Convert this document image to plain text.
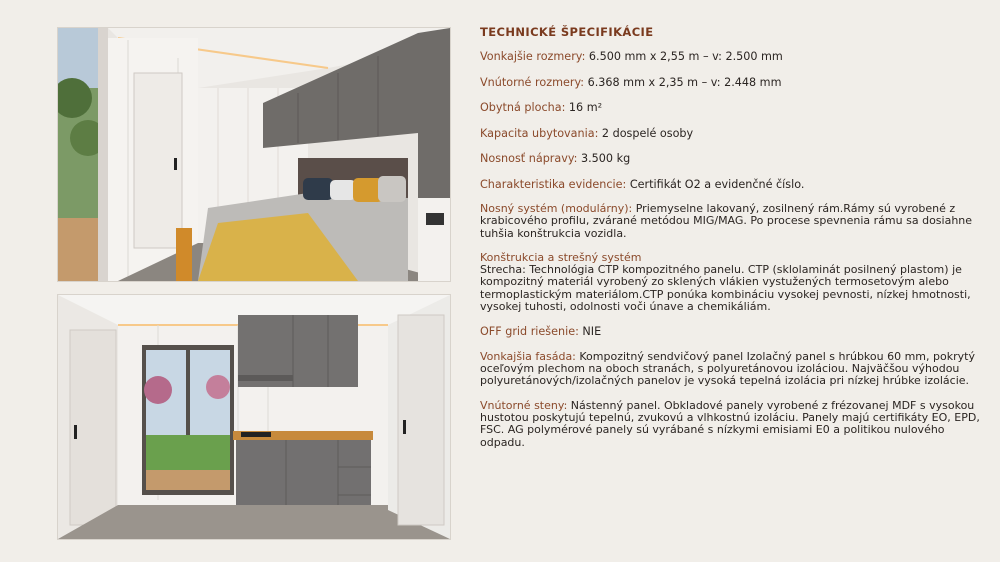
TECHNICKÉ ŠPECIFIKÁCIE

Vonkajšie rozmery: 6.500 mm x 2,55 m – v: 2.500 mm

Vnútorné rozmery: 6.368 mm x 2,35 m – v: 2.448 mm

Obytná plocha: 16 m²

Kapacita ubytovania: 2 dospelé osoby

Nosnosť nápravy: 3.500 kg

Charakteristika evidencie: Certifikát O2 a evidenčné číslo.

Nosný systém (modulárny): Priemyselne lakovaný, zosilnený rám.Rámy sú vyrobené z krabicového profilu, zvárané metódou MIG/MAG. Po procese spevnenia rámu sa dosiahne tuhšia konštrukcia vozidla.

Konštrukcia a strešný systém
Strecha: Technológia CTP kompozitného panelu. CTP (sklolaminát posilnený plastom) je kompozitný materiál vyrobený zo sklených vlákien vystužených termosetovým alebo termoplastickým materiálom.CTP ponúka kombináciu vysokej pevnosti, nízkej hmotnosti, vysokej tuhosti, odolnosti voči únave a chemikáliám.

OFF grid riešenie: NIE

Vonkajšia fasáda: Kompozitný sendvičový panel Izolačný panel s hrúbkou 60 mm, pokrytý oceľovým plechom na oboch stranách, s polyuretánovou izoláciou. Najväčšou výhodou polyuretánových/izolačných panelov je vysoká tepelná izolácia pri nízkej hrúbke izolácie.

Vnútorné steny: Nástenný panel. Obkladové panely vyrobené z frézovanej MDF s vysokou hustotou poskytujú tepelnú, zvukovú a vlhkostnú izoláciu. Panely majú certifikáty EO, EPD, FSC. AG polymérové panely sú vyrábané s nízkymi emisiami E0 a politikou nulového odpadu.
